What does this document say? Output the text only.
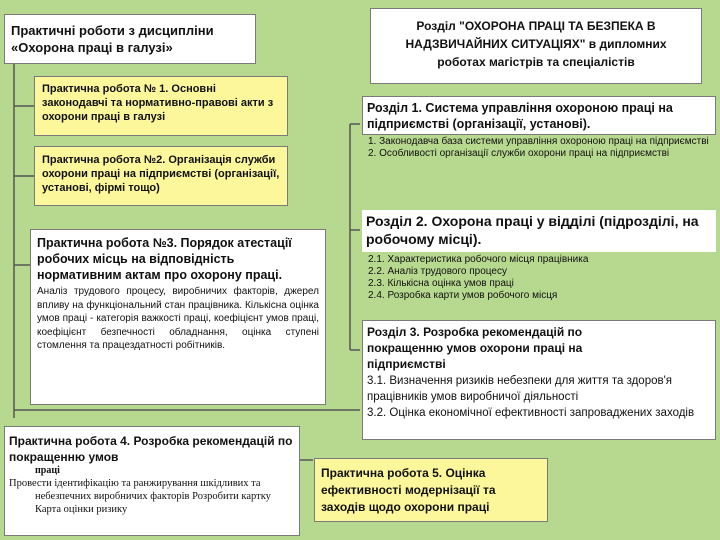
Практичні роботи з дисципліни

«Охорона праці в галузі»

Практична робота № 1. Основні законодавчі та нормативно-правові акти з охорони праці в галузі

Практична робота №2. Організація служби охорони праці на підприємстві (організації, установі, фірмі тощо)

Практична робота №3. Порядок атестації робочих місць на відповідність нормативним актам про охорону праці.

Аналіз трудового процесу, виробничих факторів, джерел впливу на функціональний стан працівника. Кількісна оцінка умов праці - категорія важкості праці, коефіцієнт умов праці, коефіцієнт безпечності обладнання, оцінка ступені стомлення та працездатності робітників.

Практична робота 4. Розробка рекомендацій по покращенню умов

праці

Провести ідентифікацію та ранжирування шкідливих та небезпечних виробничих факторів Розробити картку Карта оцінки ризику

Розділ "ОХОРОНА ПРАЦІ ТА БЕЗПЕКА В НАДЗВИЧАЙНИХ СИТУАЦІЯХ" в дипломних роботах магістрів та спеціалістів

Розділ 1. Система управління охороною праці на підприємстві (організації, установі).

1. Законодавча база системи управління охороною праці на підприємстві

2. Особливості організації служби охорони праці на підприємстві

Розділ 2. Охорона праці у відділі (підрозділі, на робочому місці).

2.1. Характеристика робочого місця працівника

2.2. Аналіз трудового процесу

2.3. Кількісна оцінка умов праці

2.4. Розробка карти умов робочого місця

Розділ 3. Розробка рекомендацій по покращенню умов охорони праці на підприємстві

3.1. Визначення ризиків небезпеки для життя та здоров'я працівників умов виробничої діяльності

3.2. Оцінка економічної ефективності запроваджених заходів

Практична робота 5. Оцінка ефективності модернізації та заходів щодо охорони праці
